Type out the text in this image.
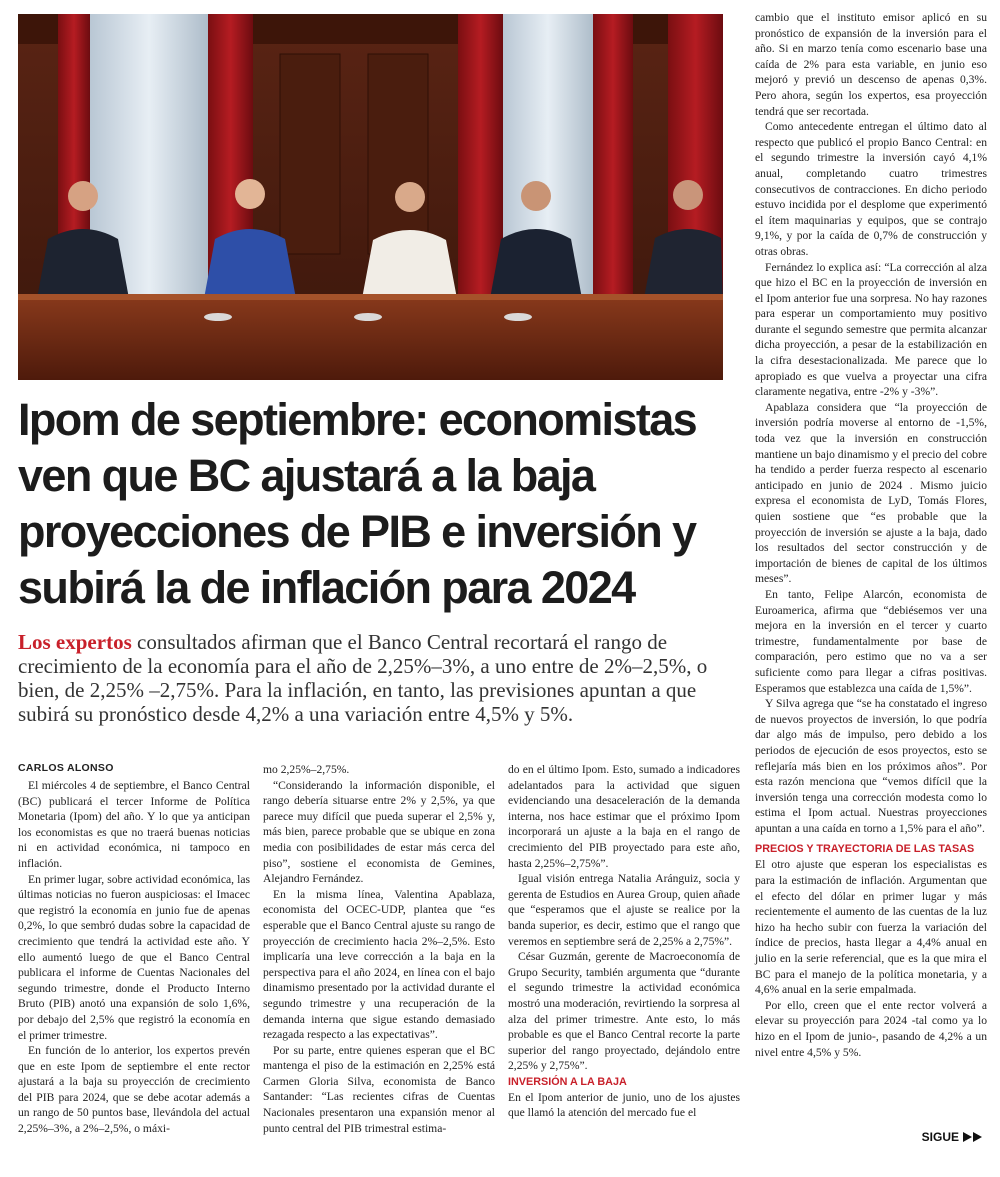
Ipom de septiembre: economistas ven que BC ajustará a la baja proyecciones de PIB e inversión y subirá la de inflación para 2024

Los expertos consultados afirman que el Banco Central recortará el rango de crecimiento de la economía para el año de 2,25%–3%, a uno entre de 2%–2,5%, o bien, de 2,25% –2,75%. Para la inflación, en tanto, las previsiones apuntan a que subirá su pronóstico desde 4,2% a una variación entre 4,5% y 5%.

CARLOS ALONSO

El miércoles 4 de septiembre, el Banco Central (BC) publicará el tercer Informe de Política Monetaria (Ipom) del año. Y lo que ya anticipan los economistas es que no traerá buenas noticias ni en actividad económica, ni tampoco en inflación.

En primer lugar, sobre actividad económica, las últimas noticias no fueron auspiciosas: el Imacec que registró la economía en junio fue de apenas 0,2%, lo que sembró dudas sobre la capacidad de crecimiento que tendrá la actividad este año. Y ello aumentó luego de que el Banco Central publicara el informe de Cuentas Nacionales del segundo trimestre, donde el Producto Interno Bruto (PIB) anotó una expansión de solo 1,6%, por debajo del 2,5% que registró la economía en el primer trimestre.

En función de lo anterior, los expertos prevén que en este Ipom de septiembre el ente rector ajustará a la baja su proyección de crecimiento del PIB para 2024, que se debe acotar además a un rango de 50 puntos base, llevándola del actual 2,25%–3%, a 2%–2,5%, o máxi-

mo 2,25%–2,75%.

“Considerando la información disponible, el rango debería situarse entre 2% y 2,5%, ya que parece muy difícil que pueda superar el 2,5% y, más bien, parece probable que se ubique en zona media con posibilidades de estar más cerca del piso”, sostiene el economista de Gemines, Alejandro Fernández.

En la misma línea, Valentina Apablaza, economista del OCEC-UDP, plantea que “es esperable que el Banco Central ajuste su rango de proyección de crecimiento hacia 2%–2,5%. Esto implicaría una leve corrección a la baja en la perspectiva para el año 2024, en línea con el bajo dinamismo presentado por la actividad durante el segundo trimestre y una recuperación de la demanda interna que sigue estando demasiado rezagada respecto a las expectativas”.

Por su parte, entre quienes esperan que el BC mantenga el piso de la estimación en 2,25% está Carmen Gloria Silva, economista de Banco Santander: “Las recientes cifras de Cuentas Nacionales presentaron una expansión menor al punto central del PIB trimestral estima-

do en el último Ipom. Esto, sumado a indicadores adelantados para la actividad que siguen evidenciando una desaceleración de la demanda interna, nos hace estimar que el próximo Ipom incorporará un ajuste a la baja en el rango de crecimiento del PIB proyectado para este año, hasta 2,25%–2,75%”.

Igual visión entrega Natalia Aránguiz, socia y gerenta de Estudios en Aurea Group, quien añade que “esperamos que el ajuste se realice por la banda superior, es decir, estimo que el rango que veremos en septiembre será de 2,25% a 2,75%”.

César Guzmán, gerente de Macroeconomía de Grupo Security, también argumenta que “durante el segundo trimestre la actividad económica mostró una moderación, revirtiendo la sorpresa al alza del primer trimestre. Ante esto, lo más probable es que el Banco Central recorte la parte superior del rango proyectado, dejándolo entre 2,25% y 2,75%”.

INVERSIÓN A LA BAJA

En el Ipom anterior de junio, uno de los ajustes que llamó la atención del mercado fue el

cambio que el instituto emisor aplicó en su pronóstico de expansión de la inversión para el año. Si en marzo tenía como escenario base una caída de 2% para esta variable, en junio eso mejoró y previó un descenso de apenas 0,3%. Pero ahora, según los expertos, esa proyección tendrá que ser recortada.

Como antecedente entregan el último dato al respecto que publicó el propio Banco Central: en el segundo trimestre la inversión cayó 4,1% anual, completando cuatro trimestres consecutivos de contracciones. En dicho periodo estuvo incidida por el desplome que experimentó el ítem maquinarias y equipos, que se contrajo 9,1%, y por la caída de 0,7% de construcción y otras obras.

Fernández lo explica así: “La corrección al alza que hizo el BC en la proyección de inversión en el Ipom anterior fue una sorpresa. No hay razones para esperar un comportamiento muy positivo durante el segundo semestre que permita alcanzar dicha proyección, a pesar de la estabilización en la cifra desestacionalizada. Me parece que lo apropiado es que vuelva a proyectar una cifra claramente negativa, entre -2% y -3%”.

Apablaza considera que “la proyección de inversión podría moverse al entorno de -1,5%, toda vez que la inversión en construcción mantiene un bajo dinamismo y el precio del cobre ha tendido a perder fuerza respecto al escenario anticipado en junio de 2024 . Mismo juicio expresa el economista de LyD, Tomás Flores, quien sostiene que “es probable que la proyección de inversión se ajuste a la baja, dado los resultados del sector construcción y de importación de bienes de capital de los últimos meses”.

En tanto, Felipe Alarcón, economista de Euroamerica, afirma que “debiésemos ver una mejora en la inversión en el tercer y cuarto trimestre, fundamentalmente por base de comparación, pero estimo que no va a ser suficiente como para llegar a cifras positivas. Esperamos que establezca una caída de 1,5%”.

Y Silva agrega que “se ha constatado el ingreso de nuevos proyectos de inversión, lo que podría dar algo más de impulso, pero debido a los periodos de ejecución de esos proyectos, esto se reflejaría más bien en los próximos años”. Por esta razón menciona que “vemos difícil que la inversión tenga una corrección modesta como lo estima el Ipom actual. Nuestras proyecciones apuntan a una caída en torno a 1,5% para el año”.

PRECIOS Y TRAYECTORIA DE LAS TASAS

El otro ajuste que esperan los especialistas es para la estimación de inflación. Argumentan que el efecto del dólar en primer lugar y más recientemente el aumento de las cuentas de la luz hizo ha hecho subir con fuerza la variación del índice de precios, hasta llegar a 4,4% anual en julio en la serie referencial, que es la que mira el BC para el manejo de la política monetaria, y a 4,6% anual en la serie empalmada.

Por ello, creen que el ente rector volverá a elevar su proyección para 2024 -tal como ya lo hizo en el Ipom de junio-, pasando de 4,2% a un nivel entre 4,5% y 5%.

SIGUE
